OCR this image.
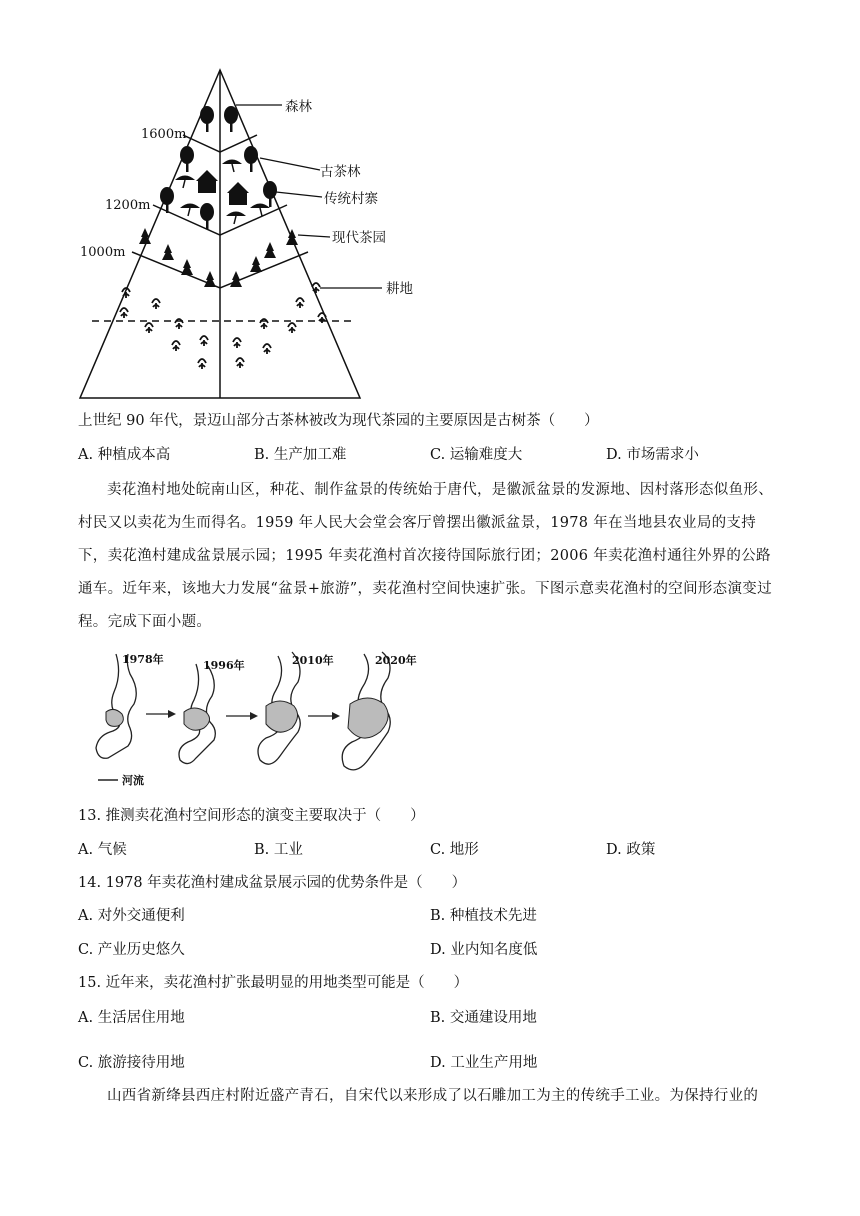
1600m
1200m
1000m
森林
古茶林
传统村寨
现代茶园
耕地
上世纪 90 年代，景迈山部分古茶林被改为现代茶园的主要原因是古树茶（　　）
A. 种植成本高	B. 生产加工难	C. 运输难度大	D. 市场需求小
卖花渔村地处皖南山区，种花、制作盆景的传统始于唐代，是徽派盆景的发源地、因村落形态似鱼形、村民又以卖花为生而得名。1959 年人民大会堂会客厅曾摆出徽派盆景，1978 年在当地县农业局的支持下，卖花渔村建成盆景展示园；1995 年卖花渔村首次接待国际旅行团；2006 年卖花渔村通往外界的公路通车。近年来，该地大力发展“盆景+旅游”，卖花渔村空间快速扩张。下图示意卖花渔村的空间形态演变过程。完成下面小题。
1978年	1996年	2010年	2020年
河流
13. 推测卖花渔村空间形态的演变主要取决于（　　）
A. 气候	B. 工业	C. 地形	D. 政策
14. 1978 年卖花渔村建成盆景展示园的优势条件是（　　）
A. 对外交通便利	B. 种植技术先进
C. 产业历史悠久	D. 业内知名度低
15. 近年来，卖花渔村扩张最明显的用地类型可能是（　　）
A. 生活居住用地	B. 交通建设用地
C. 旅游接待用地	D. 工业生产用地
山西省新绛县西庄村附近盛产青石，自宋代以来形成了以石雕加工为主的传统手工业。为保持行业的
